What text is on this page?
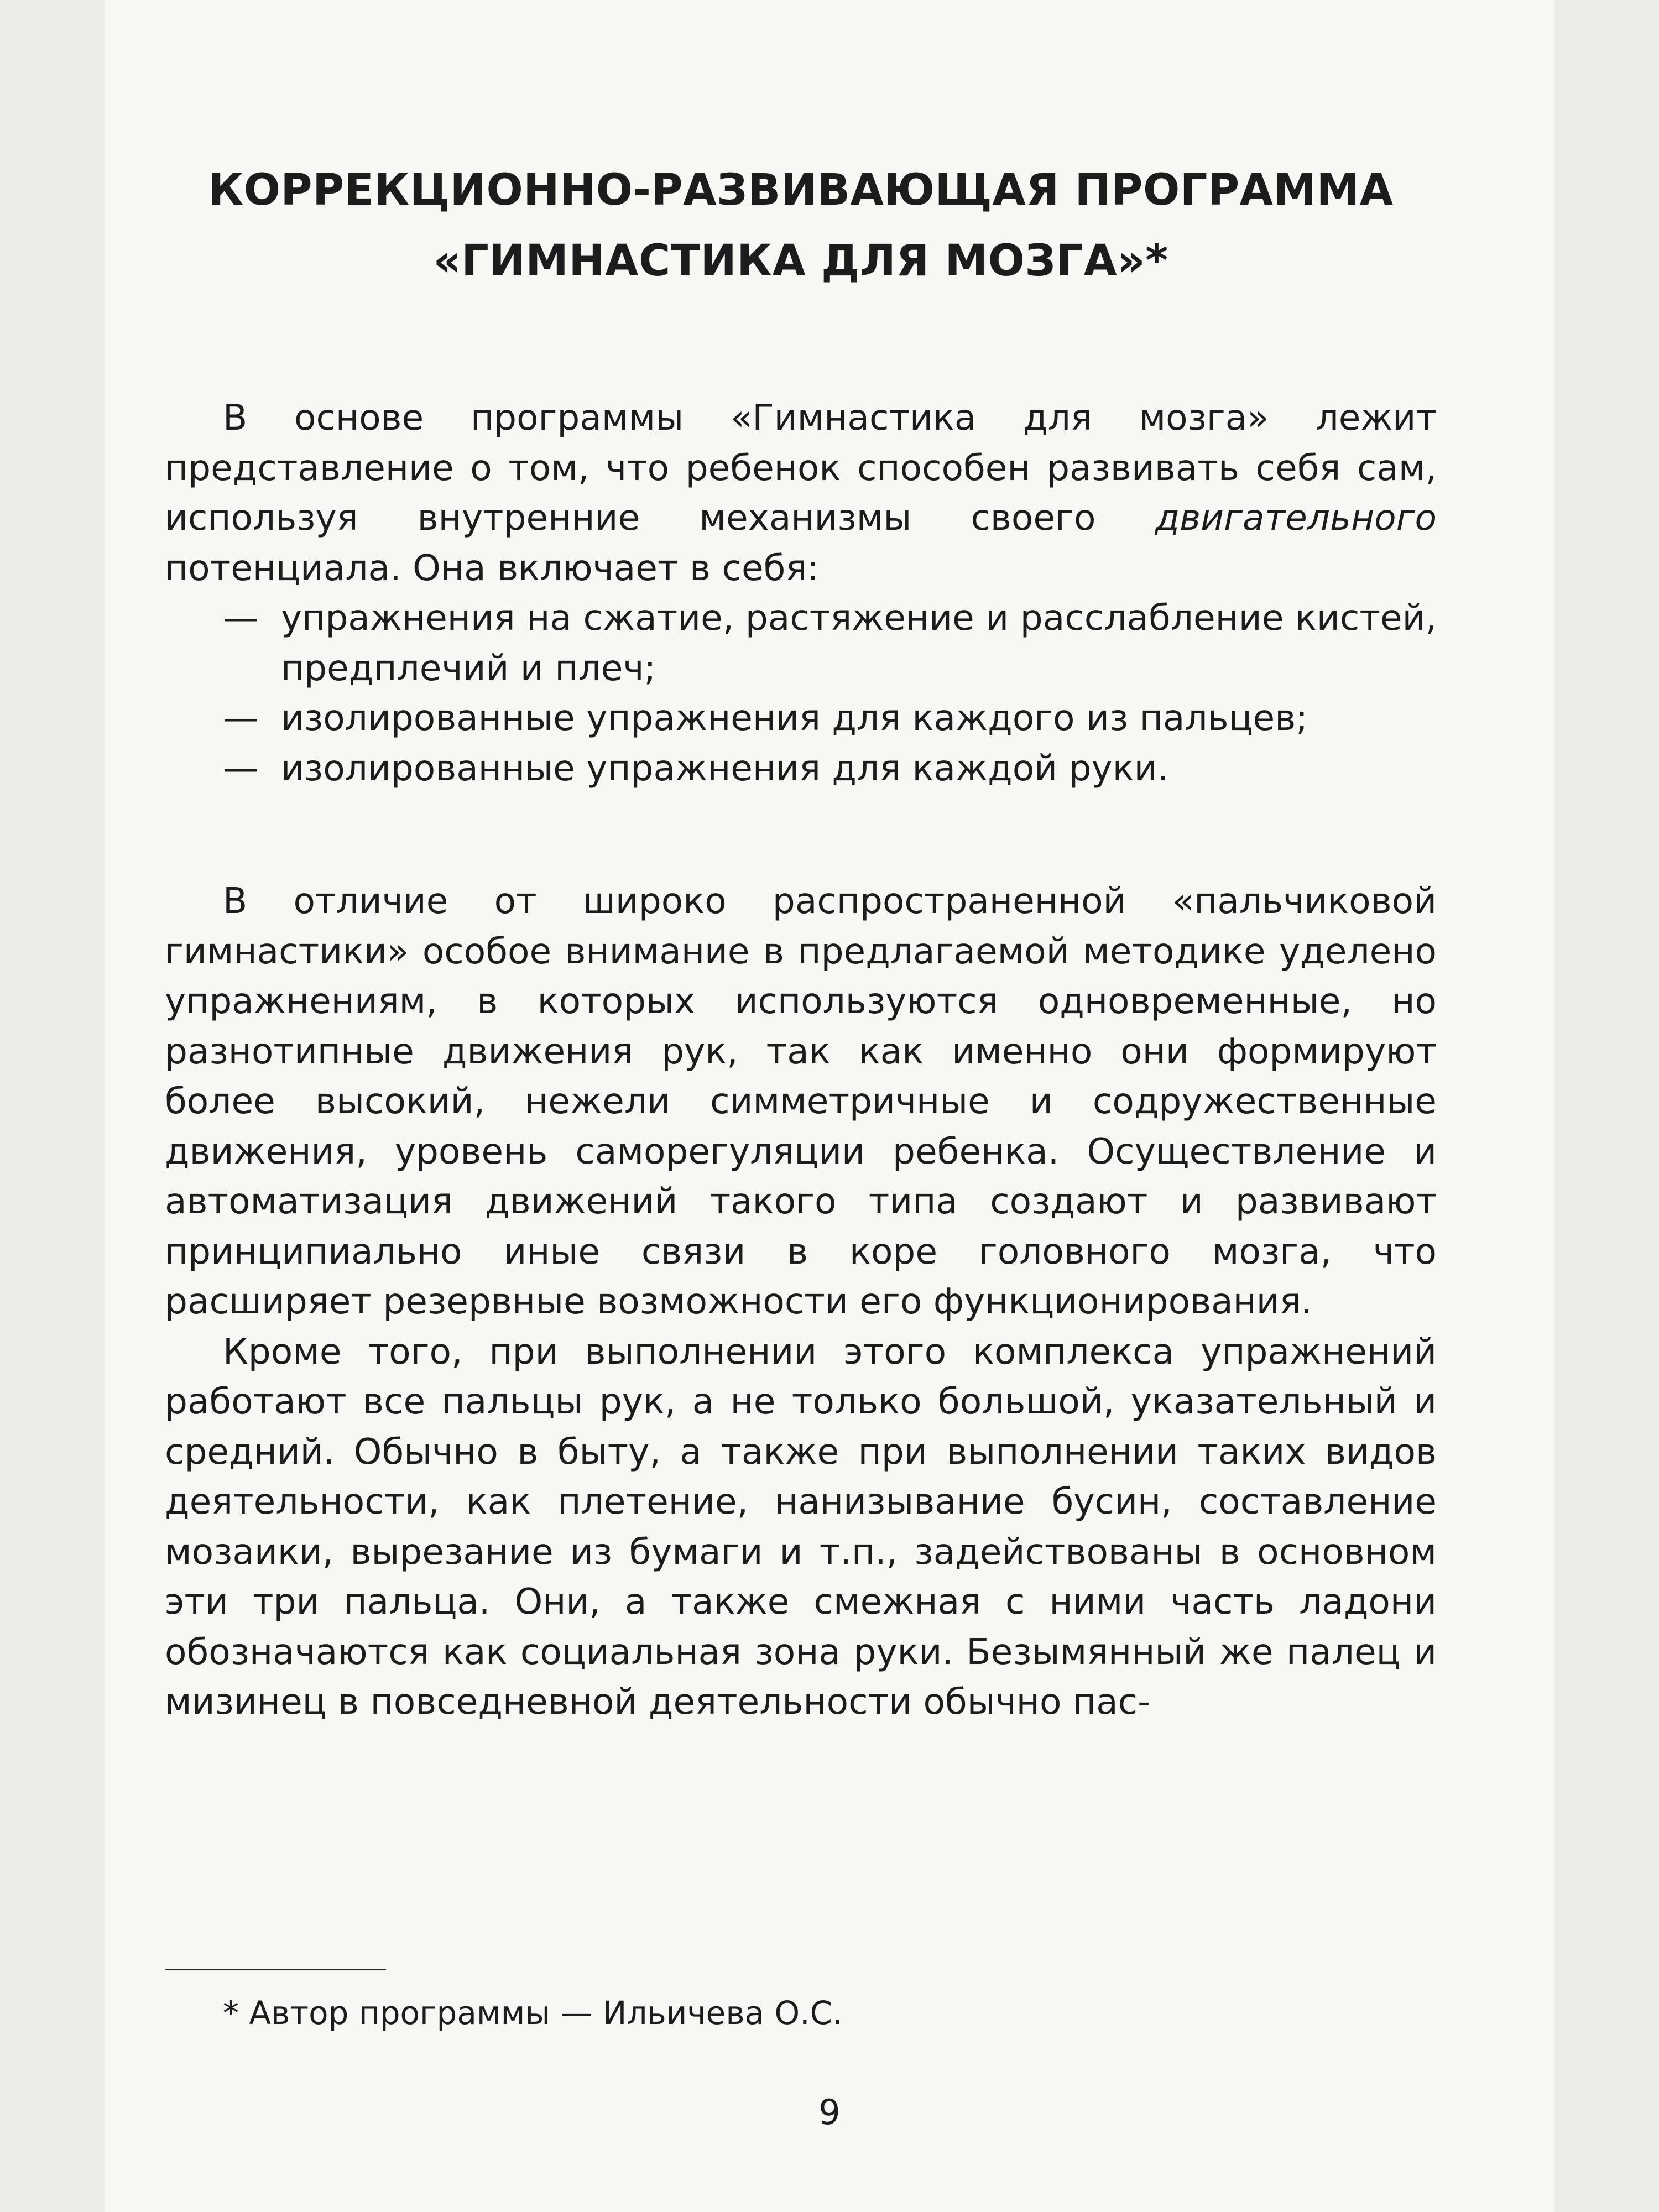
КОРРЕКЦИОННО-РАЗВИВАЮЩАЯ ПРОГРАММА
«ГИМНАСТИКА ДЛЯ МОЗГА»*

В основе программы «Гимнастика для мозга» лежит представление о том, что ребенок способен развивать себя сам, используя внутренние механизмы своего двигательного потенциала. Она включает в себя:

— упражнения на сжатие, растяжение и расслабление кистей, предплечий и плеч;
— изолированные упражнения для каждого из пальцев;
— изолированные упражнения для каждой руки.

В отличие от широко распространенной «пальчиковой гимнастики» особое внимание в предлагаемой методике уделено упражнениям, в которых используются одновременные, но разнотипные движения рук, так как именно они формируют более высокий, нежели симметричные и содружественные движения, уровень саморегуляции ребенка. Осуществление и автоматизация движений такого типа создают и развивают принципиально иные связи в коре головного мозга, что расширяет резервные возможности его функционирования.

Кроме того, при выполнении этого комплекса упражнений работают все пальцы рук, а не только большой, указательный и средний. Обычно в быту, а также при выполнении таких видов деятельности, как плетение, нанизывание бусин, составление мозаики, вырезание из бумаги и т.п., задействованы в основном эти три пальца. Они, а также смежная с ними часть ладони обозначаются как социальная зона руки. Безымянный же палец и мизинец в повседневной деятельности обычно пас-

* Автор программы — Ильичева О.С.
9
